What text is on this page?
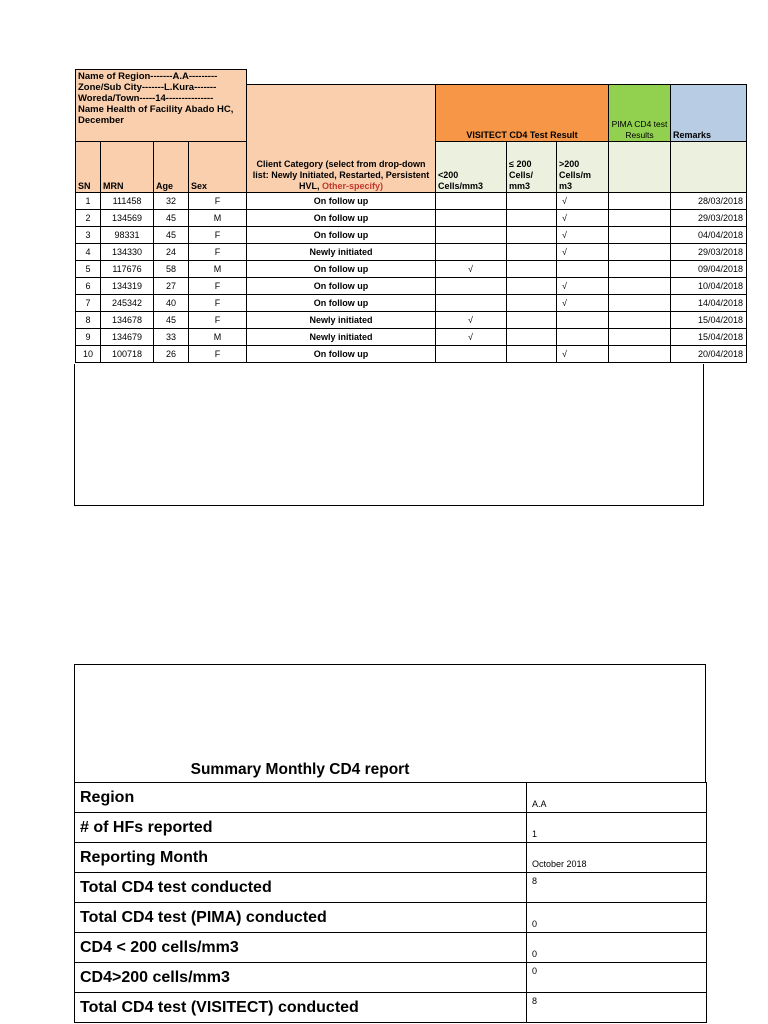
Name of Region-------A.A---------
Zone/Sub City-------L.Kura-------
Woreda/Town-----14---------------
Name Health of Facility Abado HC, December									

				Client Category (select from drop-down list: Newly Initiated, Restarted, Persistent HVL, Other-specify)	VISITECT CD4 Test Result			PIMA CD4 test Results	Remarks
SN	MRN	Age	Sex		<200 Cells/mm3	≤ 200 Cells/ mm3	>200 Cells/m m3		
1	111458	32	F	On follow up			√		28/03/2018
2	134569	45	M	On follow up			√		29/03/2018
3	98331	45	F	On follow up			√		04/04/2018
4	134330	24	F	Newly initiated			√		29/03/2018
5	117676	58	M	On follow up	√				09/04/2018
6	134319	27	F	On follow up			√		10/04/2018
7	245342	40	F	On follow up			√		14/04/2018
8	134678	45	F	Newly initiated	√				15/04/2018
9	134679	33	M	Newly initiated	√				15/04/2018
10	100718	26	F	On follow up			√		20/04/2018
Summary Monthly CD4 report
Region	A.A
# of HFs reported	1
Reporting Month	October 2018
Total CD4 test conducted	8
Total CD4 test (PIMA) conducted	0
CD4 < 200 cells/mm3	0
CD4>200 cells/mm3	0
Total CD4 test (VISITECT) conducted	8
